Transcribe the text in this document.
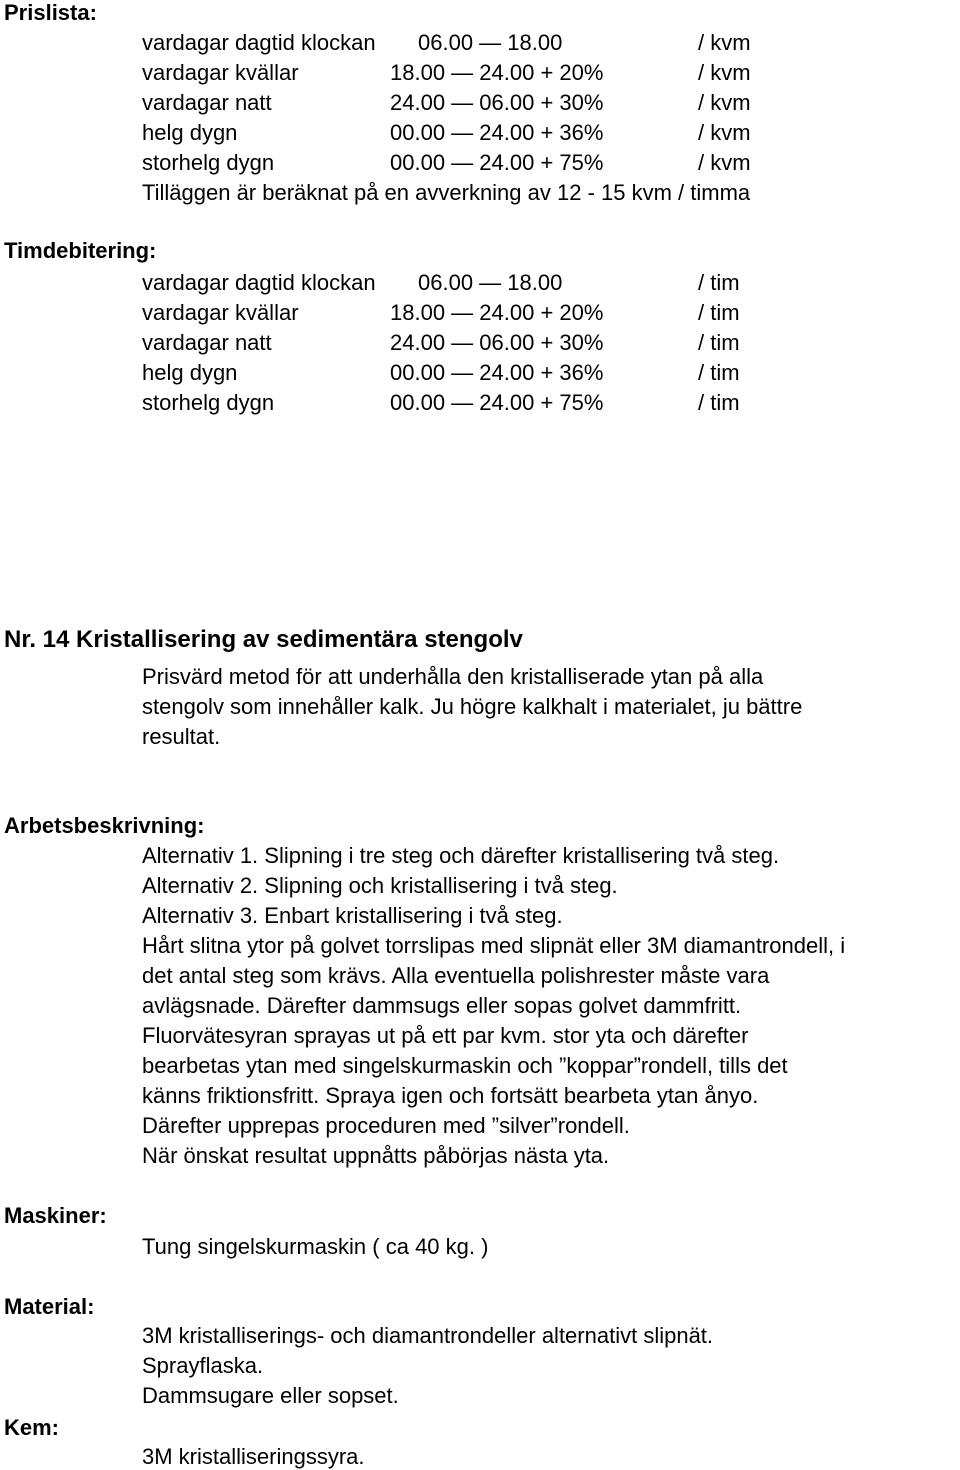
Prislista:
vardagar dagtid klockan 06.00 — 18.00	/ kvm
vardagar kvällar	18.00 — 24.00 + 20%	/ kvm
vardagar natt	24.00 — 06.00 + 30%	/ kvm
helg dygn	00.00 — 24.00 + 36%	/ kvm
storhelg dygn	00.00 — 24.00 + 75%	/ kvm
Tilläggen är beräknat på en avverkning av 12 - 15 kvm / timma
Timdebitering:
vardagar dagtid klockan 06.00 — 18.00	/ tim
vardagar kvällar	18.00 — 24.00 + 20%	/ tim
vardagar natt	24.00 — 06.00 + 30%	/ tim
helg dygn	00.00 — 24.00 + 36%	/ tim
storhelg dygn	00.00 — 24.00 + 75%	/ tim
Nr. 14 Kristallisering av sedimentära stengolv
Prisvärd metod för att underhålla den kristalliserade ytan på alla
stengolv som innehåller kalk. Ju högre kalkhalt i materialet, ju bättre
resultat.
Arbetsbeskrivning:
Alternativ 1. Slipning i tre steg och därefter kristallisering två steg.
Alternativ 2. Slipning och kristallisering i två steg.
Alternativ 3. Enbart kristallisering i två steg.
Hårt slitna ytor på golvet torrslipas med slipnät eller 3M diamantrondell, i
det antal steg som krävs. Alla eventuella polishrester måste vara
avlägsnade. Därefter dammsugs eller sopas golvet dammfritt.
Fluorvätesyran sprayas ut på ett par kvm. stor yta och därefter
bearbetas ytan med singelskurmaskin och ”koppar”rondell, tills det
känns friktionsfritt. Spraya igen och fortsätt bearbeta ytan ånyo.
Därefter upprepas proceduren med ”silver”rondell.
När önskat resultat uppnåtts påbörjas nästa yta.
Maskiner:
Tung singelskurmaskin ( ca 40 kg. )
Material:
3M kristalliserings- och diamantrondeller alternativt slipnät.
Sprayflaska.
Dammsugare eller sopset.
Kem:
3M kristalliseringssyra.
